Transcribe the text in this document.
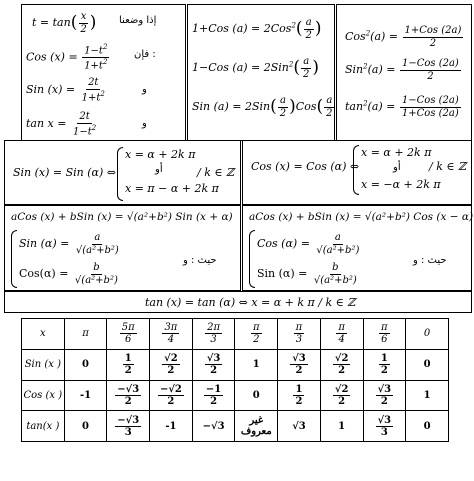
$t = \tan( \frac{x}{2}$ ) إذا وضعنا
Cos $(x) = \frac{1-t^2}{1+t^2}$ فإن :
Sin $(x) = \frac{2t}{1+t^2}$	و
$\tan x = \frac{2t}{1-t^2}$	و
1+Cos $(a) = 2Cos^2( \frac{a}{2}$ )
1−Cos $(a) = 2Sin^2( \frac{a}{2}$ )
Sin $(a) = 2Sin( \frac{a}{2} )Cos( \frac{a}{2}$
$Cos^2(a) = \frac{\text{1+Cos (2a)}}{2}$
$Sin^2(a) = \frac{\text{1−Cos (2a)}}{2}$
$\tan^2(a) = \frac{\text{1−Cos (2a)}}{\text{1+Cos (2a)}}$
Sin (x) = Sin (α) ⇔
x = α + 2k π
أو
x = π − α + 2k π
/ k ∈ ℤ Cos (x) = Cos (α) ⇔
x = α + 2k π
أو
x = −α + 2k π
/ k ∈ ℤ
aCos (x) + bSin (x) = √(a²+b²) Sin (x + α)
Sin $(\alpha) = \frac{a}{\text{√(a²+b²)}}$
$Cos(\alpha) = \frac{b}{\text{√(a²+b²)}}$
حيث : و
aCos (x) + bSin (x) = √(a²+b²) Cos (x − α)
Cos $(\alpha) = \frac{a}{\text{√(a²+b²)}}$
Sin $(\alpha) = \frac{b}{\text{√(a²+b²)}}$
حيث : و
tan (x) = tan (α) ⇔ x = α + k π / k ∈ ℤ
x	π	$\frac{5\pi}{6}$	$\frac{3\pi}{4}$	$\frac{2\pi}{3}$	$\frac{\pi}{2}$	$\frac{\pi}{3}$	$\frac{\pi}{4}$	$\frac{\pi}{6}$	0
Sin (x )	0	$\frac{1}{2}$	$\frac{√2}{2}$	$\frac{√3}{2}$	1	$\frac{√3}{2}$	$\frac{√2}{2}$	$\frac{1}{2}$	0
Cos (x )	-1	$\frac{-√3}{2}$	$\frac{-√2}{2}$	$\frac{-1}{2}$	0	$\frac{1}{2}$	$\frac{√2}{2}$	$\frac{√3}{2}$	1
tan(x )	0	$\frac{-√3}{3}$	-1	−√3	غير معروف	√3	1	$\frac{√3}{3}$	0
